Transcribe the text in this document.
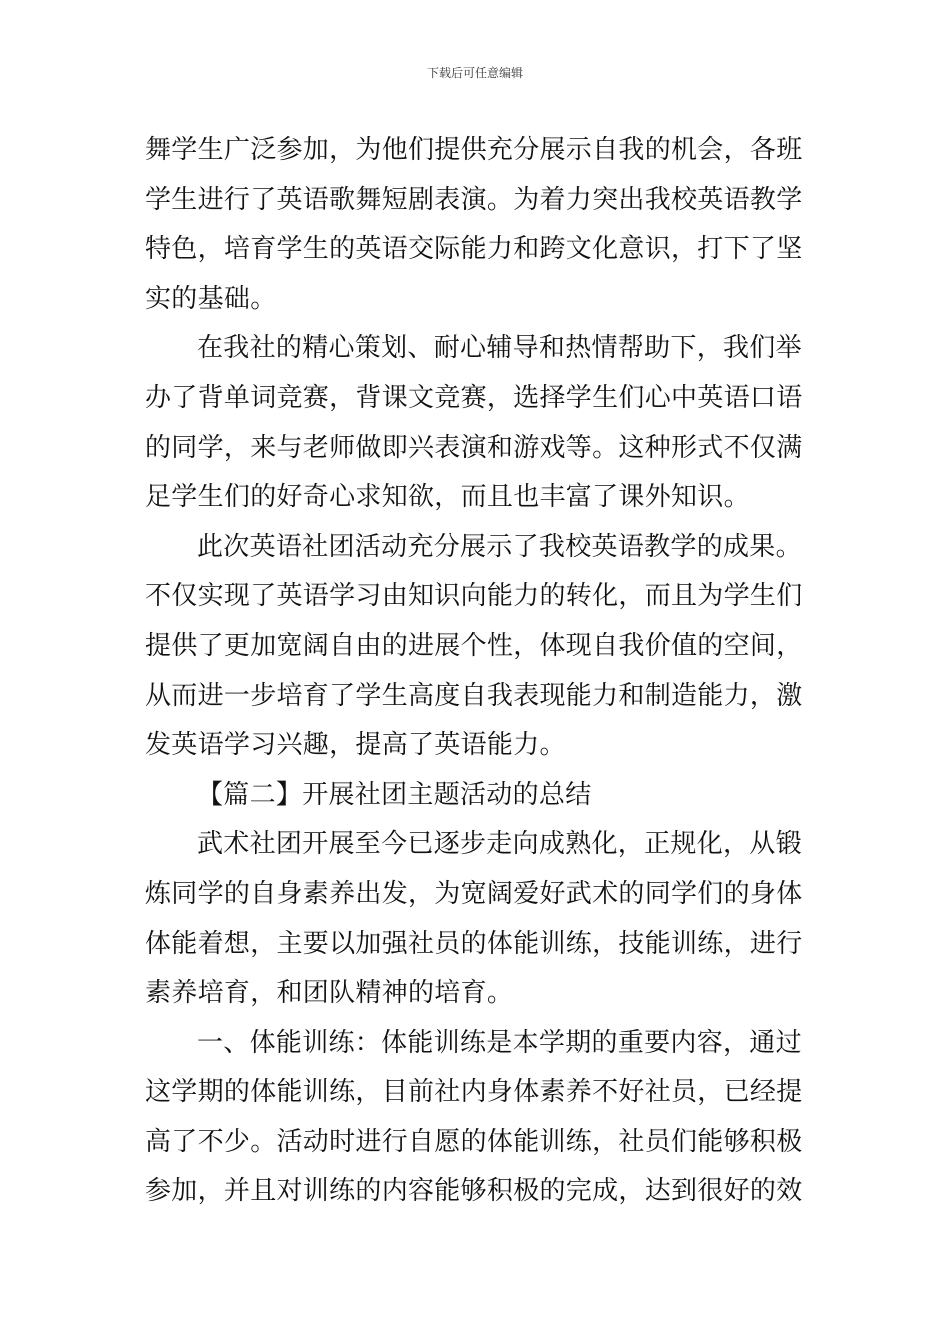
下载后可任意编辑
舞学生广泛参加，为他们提供充分展示自我的机会，各班
学生进行了英语歌舞短剧表演。为着力突出我校英语教学
特色，培育学生的英语交际能力和跨文化意识，打下了坚
实的基础。
在我社的精心策划、耐心辅导和热情帮助下，我们举
办了背单词竞赛，背课文竞赛，选择学生们心中英语口语
的同学，来与老师做即兴表演和游戏等。这种形式不仅满
足学生们的好奇心求知欲，而且也丰富了课外知识。
此次英语社团活动充分展示了我校英语教学的成果。
不仅实现了英语学习由知识向能力的转化，而且为学生们
提供了更加宽阔自由的进展个性，体现自我价值的空间，
从而进一步培育了学生高度自我表现能力和制造能力，激
发英语学习兴趣，提高了英语能力。
【篇二】开展社团主题活动的总结
武术社团开展至今已逐步走向成熟化，正规化，从锻
炼同学的自身素养出发，为宽阔爱好武术的同学们的身体
体能着想，主要以加强社员的体能训练，技能训练，进行
素养培育，和团队精神的培育。
一、体能训练：体能训练是本学期的重要内容，通过
这学期的体能训练，目前社内身体素养不好社员，已经提
高了不少。活动时进行自愿的体能训练，社员们能够积极
参加，并且对训练的内容能够积极的完成，达到很好的效
